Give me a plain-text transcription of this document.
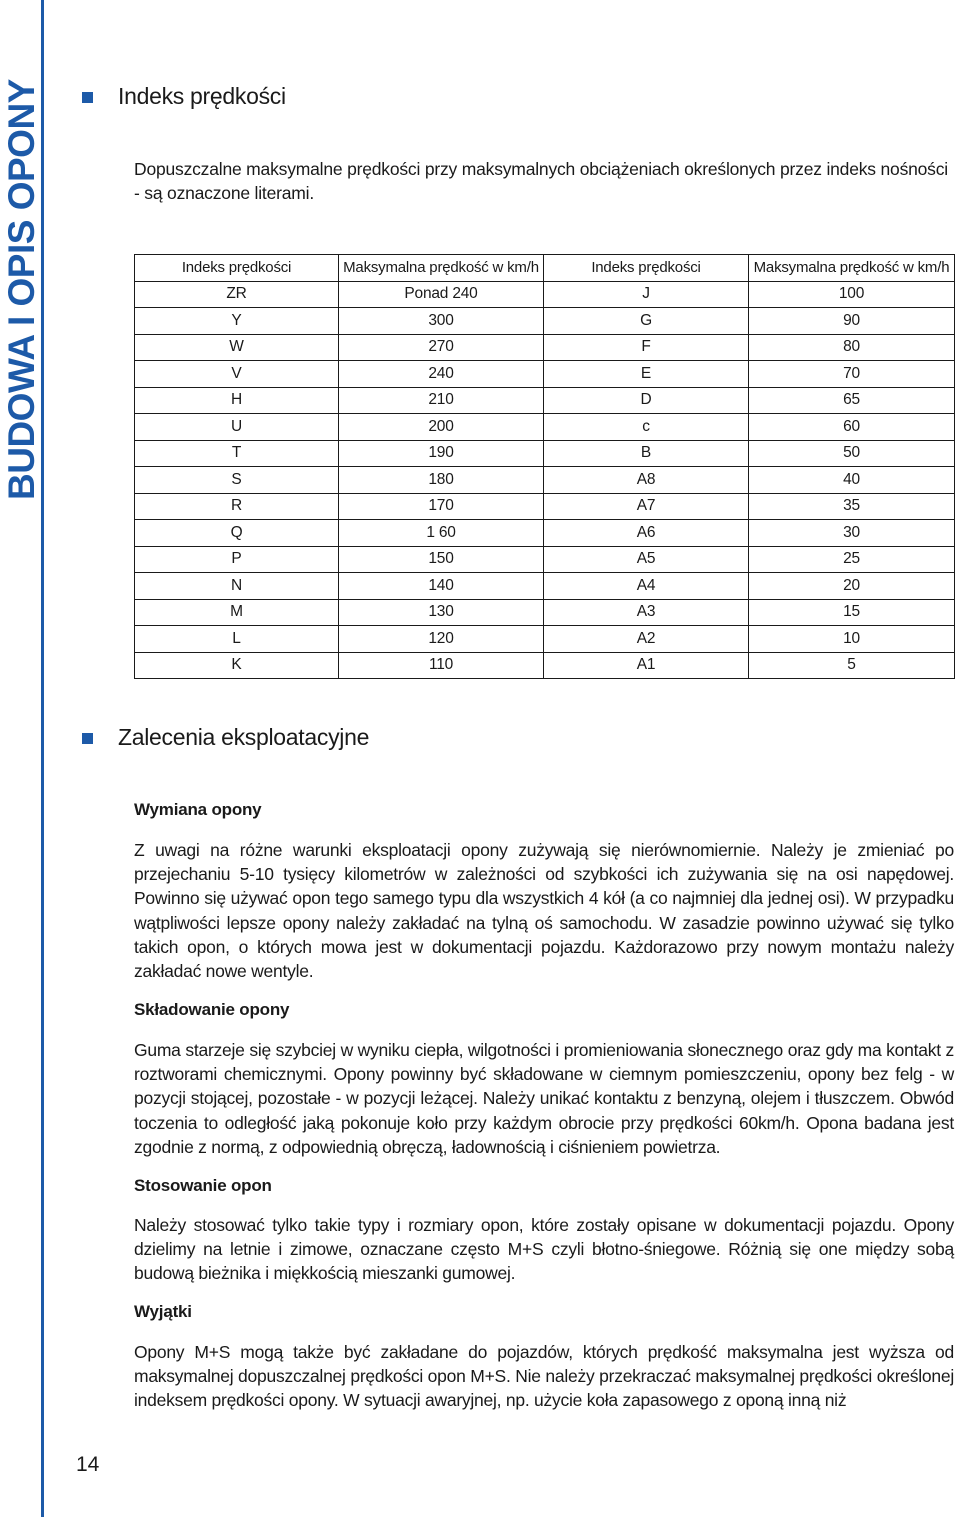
BUDOWA I OPIS OPONY	Indeks prędkości
Dopuszczalne maksymalne prędkości przy maksymalnych obciążeniach określonych przez indeks nośności - są oznaczone literami.
Indeks prędkości	Maksymalna prędkość w km/h	Indeks prędkości	Maksymalna prędkość w km/h
ZR	Ponad 240	J	100
Y	300	G	90
W	270	F	80
V	240	E	70
H	210	D	65
U	200	c	60
T	190	B	50
S	180	A8	40
R	170	A7	35
Q	1 60	A6	30
P	150	A5	25
N	140	A4	20
M	130	A3	15
L	120	A2	10
K	110	A1	5
Zalecenia eksploatacyjne
Wymiana opony
Z uwagi na różne warunki eksploatacji opony zużywają się nierównomiernie. Należy je zmieniać po przejechaniu 5-10 tysięcy kilometrów w zależności od szybkości ich zużywania się na osi napędowej. Powinno się używać opon tego samego typu dla wszystkich 4 kół (a co najmniej dla jednej osi). W przypadku wątpliwości lepsze opony należy zakładać na tylną oś samochodu. W zasadzie powinno używać się tylko takich opon, o których mowa jest w dokumentacji pojazdu. Każdorazowo przy nowym montażu należy zakładać nowe wentyle.
Składowanie opony
Guma starzeje się szybciej w wyniku ciepła, wilgotności i promieniowania słonecznego oraz gdy ma kontakt z roztworami chemicznymi. Opony powinny być składowane w ciemnym pomieszczeniu, opony bez felg - w pozycji stojącej, pozostałe - w pozycji leżącej. Należy unikać kontaktu z benzyną, olejem i tłuszczem. Obwód toczenia to odległość jaką pokonuje koło przy każdym obrocie przy prędkości 60km/h. Opona badana jest zgodnie z normą, z odpowiednią obręczą, ładownością i ciśnieniem powietrza.
Stosowanie opon
Należy stosować tylko takie typy i rozmiary opon, które zostały opisane w dokumentacji pojazdu. Opony dzielimy na letnie i zimowe, oznaczane często M+S czyli błotno-śniegowe. Różnią się one między sobą budową bieżnika i miękkością mieszanki gumowej.
Wyjątki
Opony M+S mogą także być zakładane do pojazdów, których prędkość maksymalna jest wyższa od maksymalnej dopuszczalnej prędkości opon M+S. Nie należy przekraczać maksymalnej prędkości określonej indeksem prędkości opony. W sytuacji awaryjnej, np. użycie koła zapasowego z oponą inną niż
14
